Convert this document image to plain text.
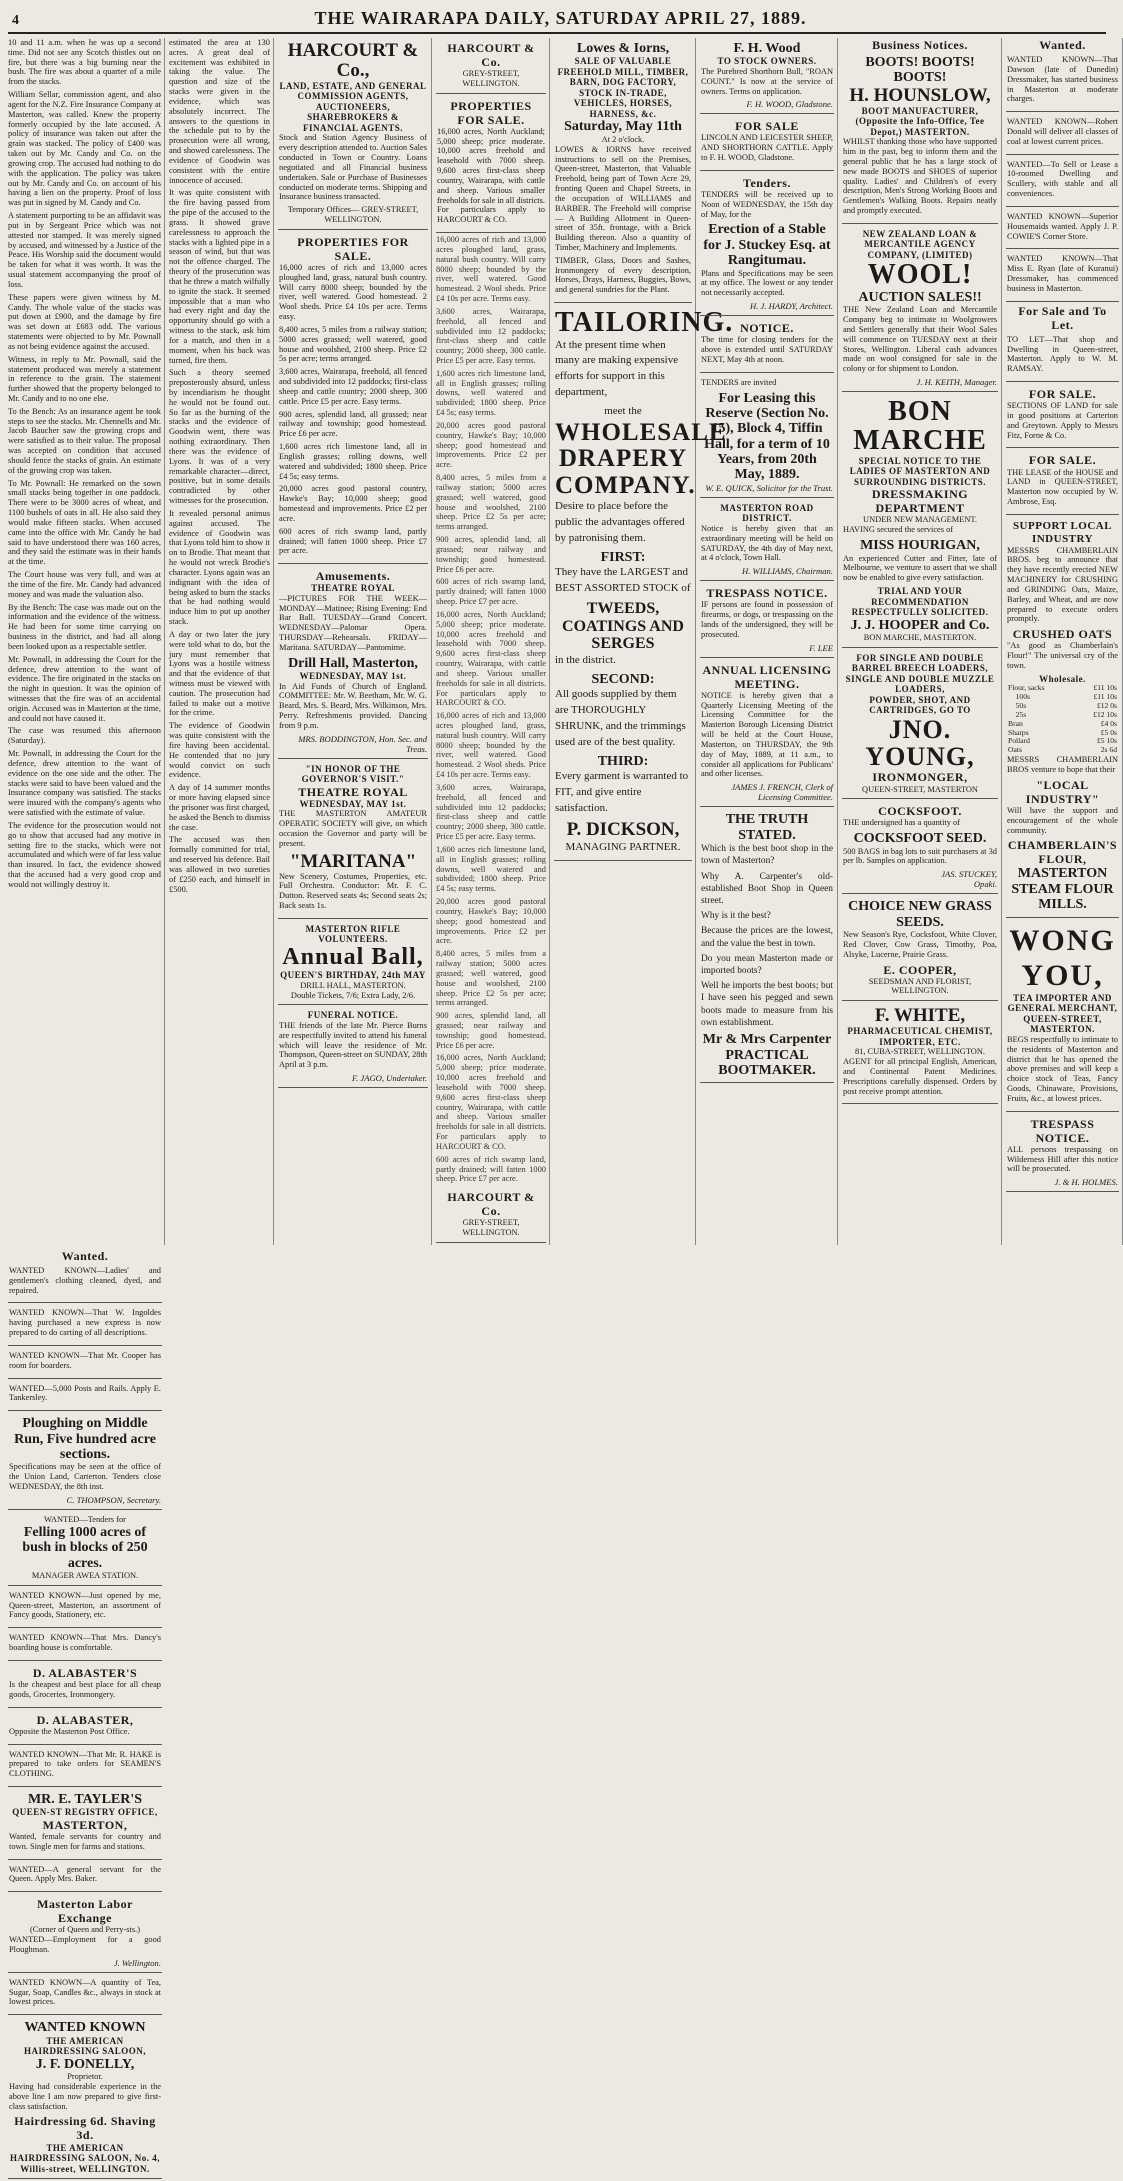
4	THE WAIRARAPA DAILY, SATURDAY APRIL 27, 1889.

10 and 11 a.m. when he was up a second time. Did not see any Scotch thistles out on fire, but there was a big burning near the bush. The fire was about a quarter of a mile from the stacks.

William Sellar, commission agent, and also agent for the N.Z. Fire Insurance Company at Masterton, was called. Knew the property formerly occupied by the late accused. A policy of insurance was taken out after the grain was stacked. The policy of £400 was taken out by Mr. Candy and Co. on the growing crop. The accused had nothing to do with the application. The policy was taken out by Mr. Candy and Co. on account of his having a lien on the property. Proof of loss was put in signed by M. Candy and Co.

A statement purporting to be an affidavit was put in by Sergeant Price which was not attested nor stamped. It was merely signed by accused, and witnessed by a Justice of the Peace. His Worship said the document would be taken for what it was worth. It was the usual statement accompanying the proof of loss.

These papers were given witness by M. Candy. The whole value of the stacks was put down at £900, and the damage by fire was set down at £683 odd. The various statements were objected to by Mr. Pownall as not being evidence against the accused.

Witness, in reply to Mr. Pownall, said the statement produced was merely a statement in reference to the grain. The statement further showed that the property belonged to Mr. Candy and to no one else.

To the Bench: As an insurance agent he took steps to see the stacks. Mr. Chennells and Mr. Jacob Baucher saw the growing crops and were satisfied as to their value. The proposal was accepted on condition that accused should fence the stacks of grain. An estimate of the growing crop was taken.

To Mr. Pownall: He remarked on the sown small stacks being together in one paddock. There were to be 3000 acres of wheat, and 1100 bushels of oats in all. He also said they would make fifteen stacks. When accused came into the office with Mr. Candy he had said to have understood there was 160 acres, and they said the estimate was in their hands at the time.

The Court house was very full, and was at the time of the fire. Mr. Candy had advanced money and was made the valuation also.

By the Bench: The case was made out on the information and the evidence of the witness. He had been for some time carrying on business in the district, and had all along been looked upon as a respectable settler.

Mr. Pownall, in addressing the Court for the defence, drew attention to the want of evidence. The fire originated in the stacks on the night in question. It was the opinion of witnesses that the fire was of an accidental origin. Accused was in Masterton at the time, and could not have caused it.

The case was resumed this afternoon (Saturday).

Mr. Pownall, in addressing the Court for the defence, drew attention to the want of evidence on the one side and the other. The stacks were said to have been valued and the Insurance company was satisfied. The stacks were insured with the company's agents who were satisfied with the estimate of value.

The evidence for the prosecution would not go to show that accused had any motive in setting fire to the stacks, which were not accumulated and which were of far less value than insured. In fact, the evidence showed that the accused had a very good crop and would not willingly destroy it.

estimated the area at 130 acres. A great deal of excitement was exhibited in taking the value. The question and size of the stacks were given in the evidence, which was absolutely incorrect. The answers to the questions in the schedule put to by the prosecution were all wrong, and showed carelessness. The evidence of Goodwin was consistent with the entire innocence of accused.

It was quite consistent with the fire having passed from the pipe of the accused to the grass. It showed grave carelessness to approach the stacks with a lighted pipe in a season of wind, but that was not the offence charged. The theory of the prosecution was that he threw a match wilfully to ignite the stack. It seemed impossible that a man who had every right and day the opportunity should go with a witness to the stack, ask him for a match, and then in a moment, when his back was turned, fire them.

Such a theory seemed preposterously absurd, unless by incendiarism he thought he would not be found out. So far as the burning of the stacks and the evidence of Goodwin went, there was nothing extraordinary. Then there was the evidence of Lyons. It was of a very remarkable character—direct, positive, but in some details contradicted by other witnesses for the prosecution.

It revealed personal animus against accused. The evidence of Goodwin was that Lyons told him to show it on to Brodie. That meant that he would not wreck Brodie's character. Lyons again was an indignant with the idea of being asked to burn the stacks that he had nothing would induce him to put up another stack.

A day or two later the jury were told what to do, but the jury must remember that Lyons was a hostile witness and that the evidence of that witness must be viewed with caution. The prosecution had failed to make out a motive for the crime.

The evidence of Goodwin was quite consistent with the fire having been accidental. He contended that no jury would convict on such evidence.

A day of 14 summer months or more having elapsed since the prisoner was first charged, he asked the Bench to dismiss the case.

The accused was then formally committed for trial, and reserved his defence. Bail was allowed in two sureties of £250 each, and himself in £500.

HARCOURT & Co.,
LAND, ESTATE, AND GENERAL COMMISSION AGENTS, AUCTIONEERS, SHAREBROKERS & FINANCIAL AGENTS.

Stock and Station Agency Business of every description attended to. Auction Sales conducted in Town or Country. Loans negotiated and all Financial business undertaken. Sale or Purchase of Businesses conducted on moderate terms. Shipping and Insurance business transacted.

Temporary Offices— GREY-STREET, WELLINGTON.
PROPERTIES FOR SALE.

16,000 acres of rich and 13,000 acres ploughed land, grass, natural bush country. Will carry 8000 sheep; bounded by the river, well watered. Good homestead. 2 Wool sheds. Price £4 10s per acre. Terms easy.

8,400 acres, 5 miles from a railway station; 5000 acres grassed; well watered, good house and woolshed, 2100 sheep. Price £2 5s per acre; terms arranged.

3,600 acres, Wairarapa, freehold, all fenced and subdivided into 12 paddocks; first-class sheep and cattle country; 2000 sheep, 300 cattle. Price £5 per acre. Easy terms.

900 acres, splendid land, all grassed; near railway and township; good homestead. Price £6 per acre.

1,600 acres rich limestone land, all in English grasses; rolling downs, well watered and subdivided; 1800 sheep. Price £4 5s; easy terms.

20,000 acres good pastoral country, Hawke's Bay; 10,000 sheep; good homestead and improvements. Price £2 per acre.

600 acres of rich swamp land, partly drained; will fatten 1000 sheep. Price £7 per acre.

Amusements.
THEATRE ROYAL

—PICTURES FOR THE WEEK— MONDAY—Matinee; Rising Evening: End Bar Ball. TUESDAY—Grand Concert. WEDNESDAY—Palomar Opera. THURSDAY—Rehearsals. FRIDAY—Maritana. SATURDAY—Pantomime.

Drill Hall, Masterton,
WEDNESDAY, MAY 1st.

In Aid Funds of Church of England. COMMITTEE: Mr. W. Beetham, Mr. W. G. Beard, Mrs. S. Beard, Mrs. Wilkinson, Mrs. Perry. Refreshments provided. Dancing from 9 p.m.

MRS. BODDINGTON, Hon. Sec. and Treas.
"IN HONOR OF THE GOVERNOR'S VISIT."
THEATRE ROYAL
WEDNESDAY, MAY 1st.

THE MASTERTON AMATEUR OPERATIC SOCIETY will give, on which occasion the Governor and party will be present.

"MARITANA"

New Scenery, Costumes, Properties, etc. Full Orchestra. Conductor: Mr. F. C. Dutton. Reserved seats 4s; Second seats 2s; Back seats 1s.

MASTERTON RIFLE VOLUNTEERS.
Annual Ball,
QUEEN'S BIRTHDAY, 24th MAY
DRILL HALL, MASTERTON.
Double Tickets, 7/6; Extra Lady, 2/6.
FUNERAL NOTICE.

THE friends of the late Mr. Pierce Burns are respectfully invited to attend his funeral which will leave the residence of Mr. Thompson, Queen-street on SUNDAY, 28th April at 3 p.m.

F. JAGO, Undertaker.
HARCOURT & Co.
GREY-STREET, WELLINGTON.
PROPERTIES FOR SALE.

16,000 acres, North Auckland; 5,000 sheep; price moderate. 10,000 acres freehold and leasehold with 7000 sheep. 9,600 acres first-class sheep country, Wairarapa, with cattle and sheep. Various smaller freeholds for sale in all districts. For particulars apply to HARCOURT & CO.

16,000 acres of rich and 13,000 acres ploughed land, grass, natural bush country. Will carry 8000 sheep; bounded by the river, well watered. Good homestead. 2 Wool sheds. Price £4 10s per acre. Terms easy.

3,600 acres, Wairarapa, freehold, all fenced and subdivided into 12 paddocks; first-class sheep and cattle country; 2000 sheep, 300 cattle. Price £5 per acre. Easy terms.

1,600 acres rich limestone land, all in English grasses; rolling downs, well watered and subdivided; 1800 sheep. Price £4 5s; easy terms.

20,000 acres good pastoral country, Hawke's Bay; 10,000 sheep; good homestead and improvements. Price £2 per acre.

8,400 acres, 5 miles from a railway station; 5000 acres grassed; well watered, good house and woolshed, 2100 sheep. Price £2 5s per acre; terms arranged.

900 acres, splendid land, all grassed; near railway and township; good homestead. Price £6 per acre.

600 acres of rich swamp land, partly drained; will fatten 1000 sheep. Price £7 per acre.

16,000 acres, North Auckland; 5,000 sheep; price moderate. 10,000 acres freehold and leasehold with 7000 sheep. 9,600 acres first-class sheep country, Wairarapa, with cattle and sheep. Various smaller freeholds for sale in all districts. For particulars apply to HARCOURT & CO.

16,000 acres of rich and 13,000 acres ploughed land, grass, natural bush country. Will carry 8000 sheep; bounded by the river, well watered. Good homestead. 2 Wool sheds. Price £4 10s per acre. Terms easy.

3,600 acres, Wairarapa, freehold, all fenced and subdivided into 12 paddocks; first-class sheep and cattle country; 2000 sheep, 300 cattle. Price £5 per acre. Easy terms.

1,600 acres rich limestone land, all in English grasses; rolling downs, well watered and subdivided; 1800 sheep. Price £4 5s; easy terms.

20,000 acres good pastoral country, Hawke's Bay; 10,000 sheep; good homestead and improvements. Price £2 per acre.

8,400 acres, 5 miles from a railway station; 5000 acres grassed; well watered, good house and woolshed, 2100 sheep. Price £2 5s per acre; terms arranged.

900 acres, splendid land, all grassed; near railway and township; good homestead. Price £6 per acre.

16,000 acres, North Auckland; 5,000 sheep; price moderate. 10,000 acres freehold and leasehold with 7000 sheep. 9,600 acres first-class sheep country, Wairarapa, with cattle and sheep. Various smaller freeholds for sale in all districts. For particulars apply to HARCOURT & CO.

600 acres of rich swamp land, partly drained; will fatten 1000 sheep. Price £7 per acre.

HARCOURT & Co.
GREY-STREET, WELLINGTON.
Lowes & Iorns,
SALE OF VALUABLE FREEHOLD MILL, TIMBER, BARN, DOG FACTORY, STOCK IN-TRADE, VEHICLES, HORSES, HARNESS, &c.
Saturday, May 11th
At 2 o'clock.

LOWES & IORNS have received instructions to sell on the Premises, Queen-street, Masterton, that Valuable Freehold, being part of Town Acre 29, fronting Queen and Chapel Streets, in the occupation of WILLIAMS and BARBER. The Freehold will comprise— A Building Allotment in Queen-street of 35ft. frontage, with a Brick Building thereon. Also a quantity of Timber, Machinery and Implements.

TIMBER, Glass, Doors and Sashes, Ironmongery of every description, Horses, Drays, Harness, Buggies, Bows, and general sundries for the Plant.

TAILORING.

At the present time when many are making expensive efforts for support in this department,

meet the
WHOLESALE DRAPERY COMPANY.

Desire to place before the public the advantages offered by patronising them.

FIRST:

They have the LARGEST and BEST ASSORTED STOCK of

TWEEDS, COATINGS AND SERGES

in the district.

SECOND:

All goods supplied by them are THOROUGHLY SHRUNK, and the trimmings used are of the best quality.

THIRD:

Every garment is warranted to FIT, and give entire satisfaction.

P. DICKSON,
MANAGING PARTNER.
F. H. Wood
TO STOCK OWNERS.

The Purebred Shorthorn Bull, "ROAN COUNT." Is now at the service of owners. Terms on application.

F. H. WOOD, Gladstone.
FOR SALE

LINCOLN AND LEICESTER SHEEP, AND SHORTHORN CATTLE. Apply to F. H. WOOD, Gladstone.

Tenders.

TENDERS will be received up to Noon of WEDNESDAY, the 15th day of May, for the

Erection of a Stable for J. Stuckey Esq. at Rangitumau.

Plans and Specifications may be seen at my office. The lowest or any tender not necessarily accepted.

H. J. HARDY, Architect.
NOTICE.

The time for closing tenders for the above is extended until SATURDAY NEXT, May 4th at noon.

TENDERS are invited

For Leasing this Reserve (Section No. 15), Block 4, Tiffin Hall, for a term of 10 Years, from 20th May, 1889.
W. E. QUICK, Solicitor for the Trust.
MASTERTON ROAD DISTRICT.

Notice is hereby given that an extraordinary meeting will be held on SATURDAY, the 4th day of May next, at 4 o'clock, Town Hall.

H. WILLIAMS, Chairman.
TRESPASS NOTICE.

IF persons are found in possession of firearms, or dogs, or trespassing on the lands of the undersigned, they will be prosecuted.

F. LEE
ANNUAL LICENSING MEETING.

NOTICE is hereby given that a Quarterly Licensing Meeting of the Licensing Committee for the Masterton Borough Licensing District will be held at the Court House, Masterton, on THURSDAY, the 9th day of May, 1889, at 11 a.m., to consider all applications for Publicans' and other licenses.

JAMES J. FRENCH, Clerk of Licensing Committee.
THE TRUTH STATED.

Which is the best boot shop in the town of Masterton?

Why A. Carpenter's old-established Boot Shop in Queen street.

Why is it the best?

Because the prices are the lowest, and the value the best in town.

Do you mean Masterton made or imported boots?

Well he imports the best boots; but I have seen his pegged and sewn boots made to measure from his own establishment.

Mr & Mrs Carpenter
PRACTICAL BOOTMAKER.
Business Notices.
BOOTS! BOOTS! BOOTS!
H. HOUNSLOW,
BOOT MANUFACTURER, (Opposite the Info-Office, Tee Depot,) MASTERTON.

WHILST thanking those who have supported him in the past, beg to inform them and the general public that he has a large stock of new made BOOTS and SHOES of superior quality. Ladies' and Children's of every description, Men's Strong Working Boots and Gentlemen's Walking Boots. Repairs neatly and promptly executed.

NEW ZEALAND LOAN & MERCANTILE AGENCY COMPANY, (LIMITED)
WOOL!
AUCTION SALES!!

THE New Zealand Loan and Mercantile Company beg to intimate to Woolgrowers and Settlers generally that their Wool Sales will commence on TUESDAY next at their Stores, Wellington. Liberal cash advances made on wool consigned for sale in the colony or for shipment to London.

J. H. KEITH, Manager.
BON MARCHE
SPECIAL NOTICE TO THE LADIES OF MASTERTON AND SURROUNDING DISTRICTS.
DRESSMAKING DEPARTMENT
UNDER NEW MANAGEMENT.

HAVING secured the services of

MISS HOURIGAN,

An experienced Cutter and Fitter, late of Melbourne, we venture to assert that we shall now be enabled to give every satisfaction.

TRIAL AND YOUR RECOMMENDATION RESPECTFULLY SOLICITED.
J. J. HOOPER and Co.
BON MARCHE, MASTERTON.
FOR SINGLE AND DOUBLE BARREL BREECH LOADERS,
SINGLE AND DOUBLE MUZZLE LOADERS,
POWDER, SHOT, AND CARTRIDGES, GO TO
JNO. YOUNG,
IRONMONGER,
QUEEN-STREET, MASTERTON
COCKSFOOT.

THE undersigned has a quantity of

COCKSFOOT SEED.

500 BAGS in bag lots to suit purchasers at 3d per lb. Samples on application.

JAS. STUCKEY,
Opaki.
CHOICE NEW GRASS SEEDS.

New Season's Rye, Cocksfoot, White Clover, Red Clover, Cow Grass, Timothy, Poa, Alsyke, Lucerne, Prairie Grass.

E. COOPER,
SEEDSMAN AND FLORIST, WELLINGTON.
F. WHITE,
PHARMACEUTICAL CHEMIST, IMPORTER, ETC.
81, CUBA-STREET, WELLINGTON.

AGENT for all principal English, American, and Continental Patent Medicines. Prescriptions carefully dispensed. Orders by post receive prompt attention.

Wanted.

WANTED KNOWN—That Dawson (late of Dunedin) Dressmaker, has started business in Masterton at moderate charges.

WANTED KNOWN—Robert Donald will deliver all classes of coal at lowest current prices.

WANTED—To Sell or Lease a 10-roomed Dwelling and Scullery, with stable and all conveniences.

WANTED KNOWN—Superior Housemaids wanted. Apply J. P. COWIE'S Corner Store.

WANTED KNOWN—That Miss E. Ryan (late of Kuranui) Dressmaker, has commenced business in Masterton.

For Sale and To Let.

TO LET—That shop and Dwelling in Queen-street, Masterton. Apply to W. M. RAMSAY.

FOR SALE.

SECTIONS OF LAND for sale in good positions at Carterton and Greytown. Apply to Messrs Fitz, Forne & Co.

FOR SALE.

THE LEASE of the HOUSE and LAND in QUEEN-STREET, Masterton now occupied by W. Ambrose, Esq.

SUPPORT LOCAL INDUSTRY

MESSRS CHAMBERLAIN BROS. beg to announce that they have recently erected NEW MACHINERY for CRUSHING and GRINDING Oats, Maize, Barley, and Wheat, and are now prepared to execute orders promptly.

CRUSHED OATS

"As good as Chamberlain's Flour!" The universal cry of the town.

Wholesale.
Flour, sacks	£11 10s
100s	£11 10s
50s	£12 0s
25s	£12 10s
Bran	£4 0s
Sharps	£5 0s
Pollard	£5 10s
Oats	2s 6d

MESSRS CHAMBERLAIN BROS venture to hope that their

"LOCAL INDUSTRY"

Will have the support and encouragement of the whole community.

CHAMBERLAIN'S FLOUR,
MASTERTON STEAM FLOUR MILLS.
WONG YOU,
TEA IMPORTER AND GENERAL MERCHANT, QUEEN-STREET, MASTERTON.

BEGS respectfully to intimate to the residents of Masterton and district that he has opened the above premises and will keep a choice stock of Teas, Fancy Goods, Chinaware, Provisions, Fruits, &c., at lowest prices.

TRESPASS NOTICE.

ALL persons trespassing on Wilderness Hill after this notice will be prosecuted.

J. & H. HOLMES.
Wanted.

WANTED KNOWN—Ladies' and gentlemen's clothing cleaned, dyed, and repaired.

WANTED KNOWN—That W. Ingoldes having purchased a new express is now prepared to do carting of all descriptions.

WANTED KNOWN—That Mr. Cooper has room for boarders.

WANTED—5,000 Posts and Rails. Apply E. Tankersley.

Ploughing on Middle Run, Five hundred acre sections.

Specifications may be seen at the office of the Union Land, Carterton. Tenders close WEDNESDAY, the 8th inst.

C. THOMPSON, Secretary.
WANTED—Tenders for
Felling 1000 acres of bush in blocks of 250 acres.
MANAGER AWEA STATION.

WANTED KNOWN—Just opened by me, Queen-street, Masterton, an assortment of Fancy goods, Stationery, etc.

WANTED KNOWN—That Mrs. Dancy's boarding house is comfortable.

D. ALABASTER'S

Is the cheapest and best place for all cheap goods, Groceries, Ironmongery.

D. ALABASTER,

Opposite the Masterton Post Office.

WANTED KNOWN—That Mr. R. HAKE is prepared to take orders for SEAMEN'S CLOTHING.

MR. E. TAYLER'S
QUEEN-ST REGISTRY OFFICE,
MASTERTON,

Wanted, female servants for country and town. Single men for farms and stations.

WANTED—A general servant for the Queen. Apply Mrs. Baker.

Masterton Labor Exchange
(Corner of Queen and Perry-sts.)

WANTED—Employment for a good Ploughman.

J. Wellington.

WANTED KNOWN—A quantity of Tea, Sugar, Soap, Candles &c., always in stock at lowest prices.

WANTED KNOWN
THE AMERICAN HAIRDRESSING SALOON,
J. F. DONELLY,
Proprietor.

Having had considerable experience in the above line I am now prepared to give first-class satisfaction.

Hairdressing 6d. Shaving 3d.
THE AMERICAN HAIRDRESSING SALOON, No. 4, Willis-street, WELLINGTON.
